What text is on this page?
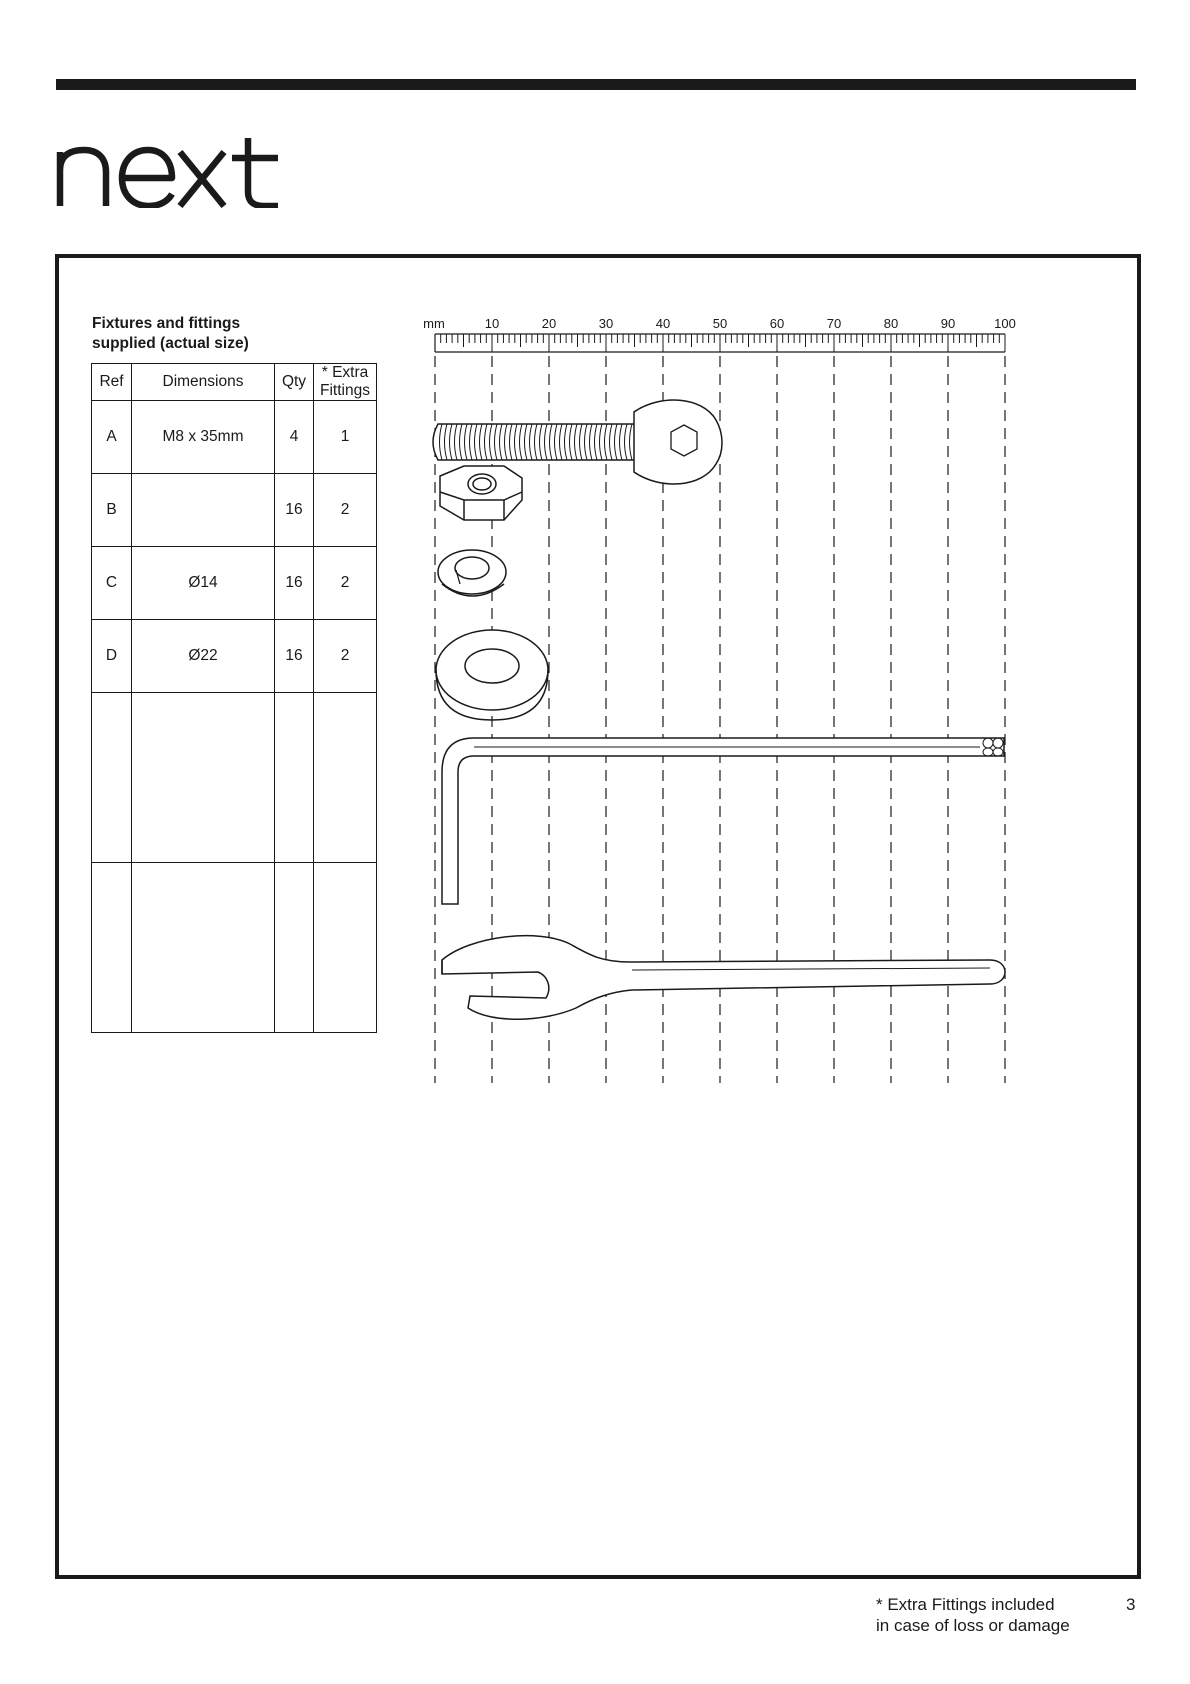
Fixtures and fittings
supplied (actual size)
Ref	Dimensions	Qty	* Extra
Fittings
A	M8 x 35mm	4	1
B		16	2
C	Ø14	16	2
D	Ø22	16	2

mm	10	20	30	40	50	60	70	80	90	100
* Extra Fittings included
in case of loss or damage
3
